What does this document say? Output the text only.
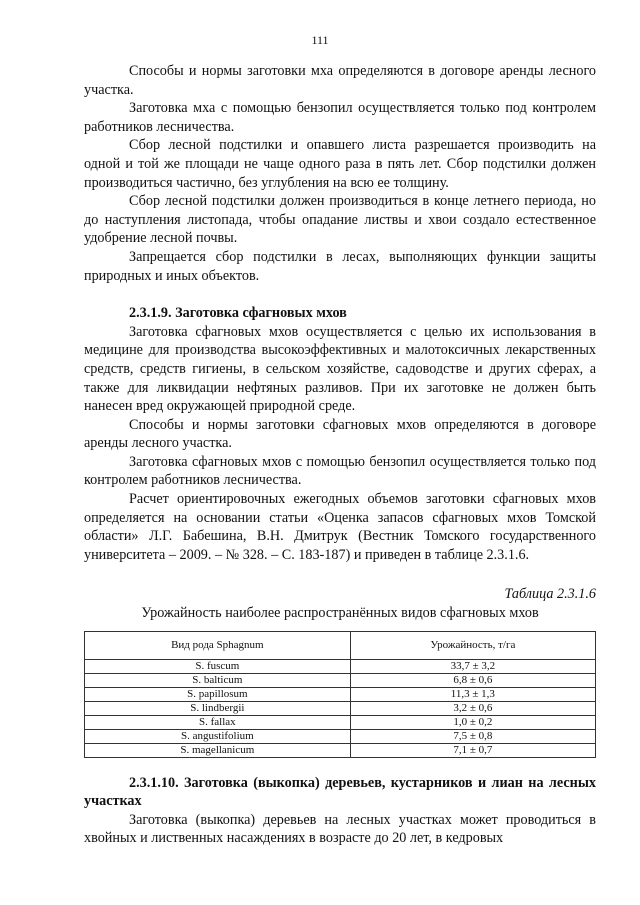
111

Способы и нормы заготовки мха определяются в договоре аренды лесного участка.

Заготовка мха с помощью бензопил осуществляется только под контролем работников лесничества.

Сбор лесной подстилки и опавшего листа разрешается производить на одной и той же площади не чаще одного раза в пять лет. Сбор подстилки должен производиться частично, без углубления на всю ее толщину.

Сбор лесной подстилки должен производиться в конце летнего периода, но до наступления листопада, чтобы опадание листвы и хвои создало естественное удобрение лесной почвы.

Запрещается сбор подстилки в лесах, выполняющих функции защиты природных и иных объектов.

2.3.1.9. Заготовка сфагновых мхов

Заготовка сфагновых мхов осуществляется с целью их использования в медицине для производства высокоэффективных и малотоксичных лекарственных средств, средств гигиены, в сельском хозяйстве, садоводстве и других сферах, а также для ликвидации нефтяных разливов. При их заготовке не должен быть нанесен вред окружающей природной среде.

Способы и нормы заготовки сфагновых мхов определяются в договоре аренды лесного участка.

Заготовка сфагновых мхов с помощью бензопил осуществляется только под контролем работников лесничества.

Расчет ориентировочных ежегодных объемов заготовки сфагновых мхов определяется на основании статьи «Оценка запасов сфагновых мхов Томской области» Л.Г. Бабешина, В.Н. Дмитрук (Вестник Томского государственного университета – 2009. – № 328. – С. 183-187) и приведен в таблице 2.3.1.6.

Таблица 2.3.1.6
Урожайность наиболее распространённых видов сфагновых мхов
Вид рода Sphagnum	Урожайность, т/га
S. fuscum	33,7 ± 3,2
S. balticum	6,8 ± 0,6
S. papillosum	11,3 ± 1,3
S. lindbergii	3,2 ± 0,6
S. fallax	1,0 ± 0,2
S. angustifolium	7,5 ± 0,8
S. magellanicum	7,1 ± 0,7

2.3.1.10. Заготовка (выкопка) деревьев, кустарников и лиан на лесных участках

Заготовка (выкопка) деревьев на лесных участках может проводиться в хвойных и лиственных насаждениях в возрасте до 20 лет, в кедровых
